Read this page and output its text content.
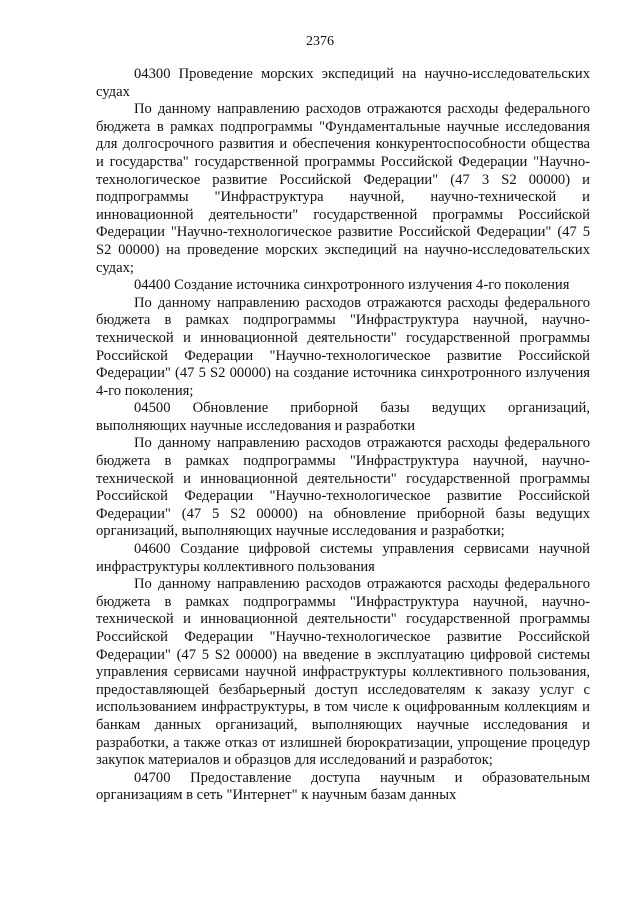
2376

04300 Проведение морских экспедиций на научно-исследовательских судах

По данному направлению расходов отражаются расходы федерального бюджета в рамках подпрограммы "Фундаментальные научные исследования для долгосрочного развития и обеспечения конкурентоспособности общества и государства" государственной программы Российской Федерации "Научно-технологическое развитие Российской Федерации" (47 3 S2 00000) и подпрограммы "Инфраструктура научной, научно-технической и инновационной деятельности" государственной программы Российской Федерации "Научно-технологическое развитие Российской Федерации" (47 5 S2 00000) на проведение морских экспедиций на научно-исследовательских судах;

04400 Создание источника синхротронного излучения 4-го поколения

По данному направлению расходов отражаются расходы федерального бюджета в рамках подпрограммы "Инфраструктура научной, научно-технической и инновационной деятельности" государственной программы Российской Федерации "Научно-технологическое развитие Российской Федерации" (47 5 S2 00000) на создание источника синхротронного излучения 4-го поколения;

04500 Обновление приборной базы ведущих организаций, выполняющих научные исследования и разработки

По данному направлению расходов отражаются расходы федерального бюджета в рамках подпрограммы "Инфраструктура научной, научно-технической и инновационной деятельности" государственной программы Российской Федерации "Научно-технологическое развитие Российской Федерации" (47 5 S2 00000) на обновление приборной базы ведущих организаций, выполняющих научные исследования и разработки;

04600 Создание цифровой системы управления сервисами научной инфраструктуры коллективного пользования

По данному направлению расходов отражаются расходы федерального бюджета в рамках подпрограммы "Инфраструктура научной, научно-технической и инновационной деятельности" государственной программы Российской Федерации "Научно-технологическое развитие Российской Федерации" (47 5 S2 00000) на введение в эксплуатацию цифровой системы управления сервисами научной инфраструктуры коллективного пользования, предоставляющей безбарьерный доступ исследователям к заказу услуг с использованием инфраструктуры, в том числе к оцифрованным коллекциям и банкам данных организаций, выполняющих научные исследования и разработки, а также отказ от излишней бюрократизации, упрощение процедур закупок материалов и образцов для исследований и разработок;

04700 Предоставление доступа научным и образовательным организациям в сеть "Интернет" к научным базам данных
